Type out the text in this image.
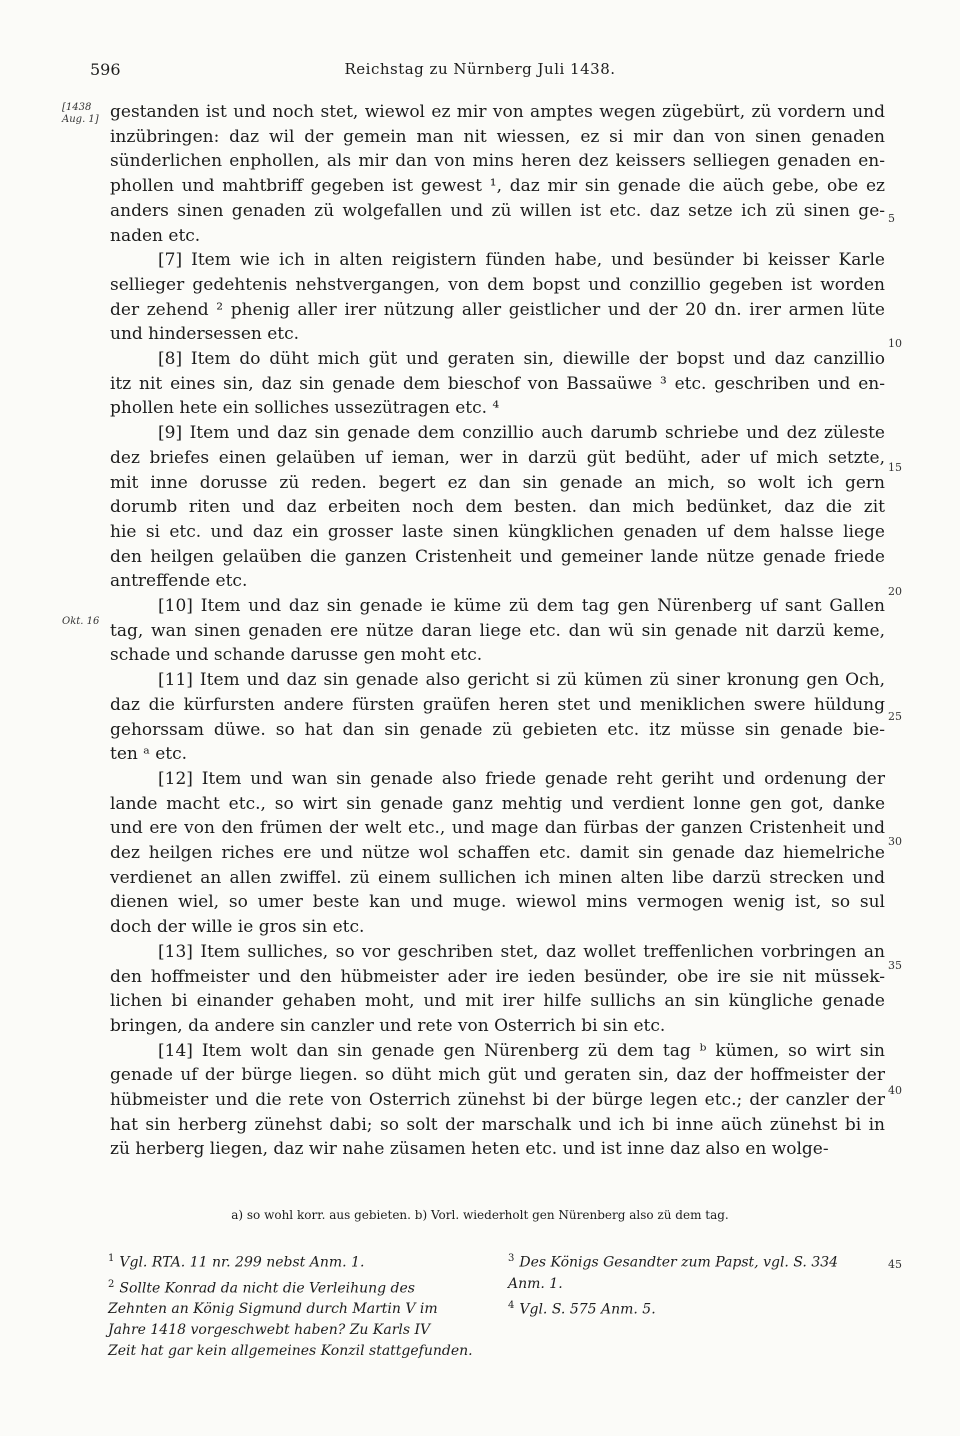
596	Reichstag zu Nürnberg Juli 1438.
[1438
Aug. 1]
Okt. 16
gestanden ist und noch stet, wiewol ez mir von amptes wegen zügebürt, zü vordern und
inzübringen: daz wil der gemein man nit wiessen, ez si mir dan von sinen genaden
sünderlichen enphollen, als mir dan von mins heren dez keissers selliegen genaden en-
phollen und mahtbriff gegeben ist gewest ¹, daz mir sin genade die aüch gebe, obe ez
anders sinen genaden zü wolgefallen und zü willen ist etc. daz setze ich zü sinen ge-
naden etc.
[7] Item wie ich in alten reigistern fünden habe, und besünder bi keisser Karle
sellieger gedehtenis nehstvergangen, von dem bopst und conzillio gegeben ist worden
der zehend ² phenig aller irer nützung aller geistlicher und der 20 dn. irer armen lüte
und hindersessen etc.
[8] Item do düht mich güt und geraten sin, diewille der bopst und daz canzillio
itz nit eines sin, daz sin genade dem bieschof von Bassaüwe ³ etc. geschriben und en-
phollen hete ein solliches ussezütragen etc. ⁴
[9] Item und daz sin genade dem conzillio auch darumb schriebe und dez züleste
dez briefes einen gelaüben uf ieman, wer in darzü güt bedüht, ader uf mich setzte,
mit inne dorusse zü reden. begert ez dan sin genade an mich, so wolt ich gern
dorumb riten und daz erbeiten noch dem besten. dan mich bedünket, daz die zit
hie si etc. und daz ein grosser laste sinen küngklichen genaden uf dem halsse liege
den heilgen gelaüben die ganzen Cristenheit und gemeiner lande nütze genade friede
antreffende etc.
[10] Item und daz sin genade ie küme zü dem tag gen Nürenberg uf sant Gallen
tag, wan sinen genaden ere nütze daran liege etc. dan wü sin genade nit darzü keme,
schade und schande darusse gen moht etc.
[11] Item und daz sin genade also gericht si zü kümen zü siner kronung gen Och,
daz die kürfursten andere fürsten graüfen heren stet und meniklichen swere hüldung
gehorssam düwe. so hat dan sin genade zü gebieten etc. itz müsse sin genade bie-
ten ᵃ etc.
[12] Item und wan sin genade also friede genade reht geriht und ordenung der
lande macht etc., so wirt sin genade ganz mehtig und verdient lonne gen got, danke
und ere von den frümen der welt etc., und mage dan fürbas der ganzen Cristenheit und
dez heilgen riches ere und nütze wol schaffen etc. damit sin genade daz hiemelriche
verdienet an allen zwiffel. zü einem sullichen ich minen alten libe darzü strecken und
dienen wiel, so umer beste kan und muge. wiewol mins vermogen wenig ist, so sul
doch der wille ie gros sin etc.
[13] Item sulliches, so vor geschriben stet, daz wollet treffenlichen vorbringen an
den hoffmeister und den hübmeister ader ire ieden besünder, obe ire sie nit müssek-
lichen bi einander gehaben moht, und mit irer hilfe sullichs an sin küngliche genade
bringen, da andere sin canzler und rete von Osterrich bi sin etc.
[14] Item wolt dan sin genade gen Nürenberg zü dem tag ᵇ kümen, so wirt sin
genade uf der bürge liegen. so düht mich güt und geraten sin, daz der hoffmeister der
hübmeister und die rete von Osterrich zünehst bi der bürge legen etc.; der canzler der
hat sin herberg zünehst dabi; so solt der marschalk und ich bi inne aüch zünehst bi in
zü herberg liegen, daz wir nahe züsamen heten etc. und ist inne daz also en wolge-
5
10
15
20
25
30
35
40
a) so wohl korr. aus gebieten. b) Vorl. wiederholt gen Nürenberg also zü dem tag.
$^1$ Vgl. RTA. 11 nr. 299 nebst Anm. 1.
$^2$ Sollte Konrad da nicht die Verleihung des
Zehnten an König Sigmund durch Martin V im
Jahre 1418 vorgeschwebt haben? Zu Karls IV
Zeit hat gar kein allgemeines Konzil stattgefunden.
$^3$ Des Königs Gesandter zum Papst, vgl. S. 334
Anm. 1.
$^4$ Vgl. S. 575 Anm. 5.
45
